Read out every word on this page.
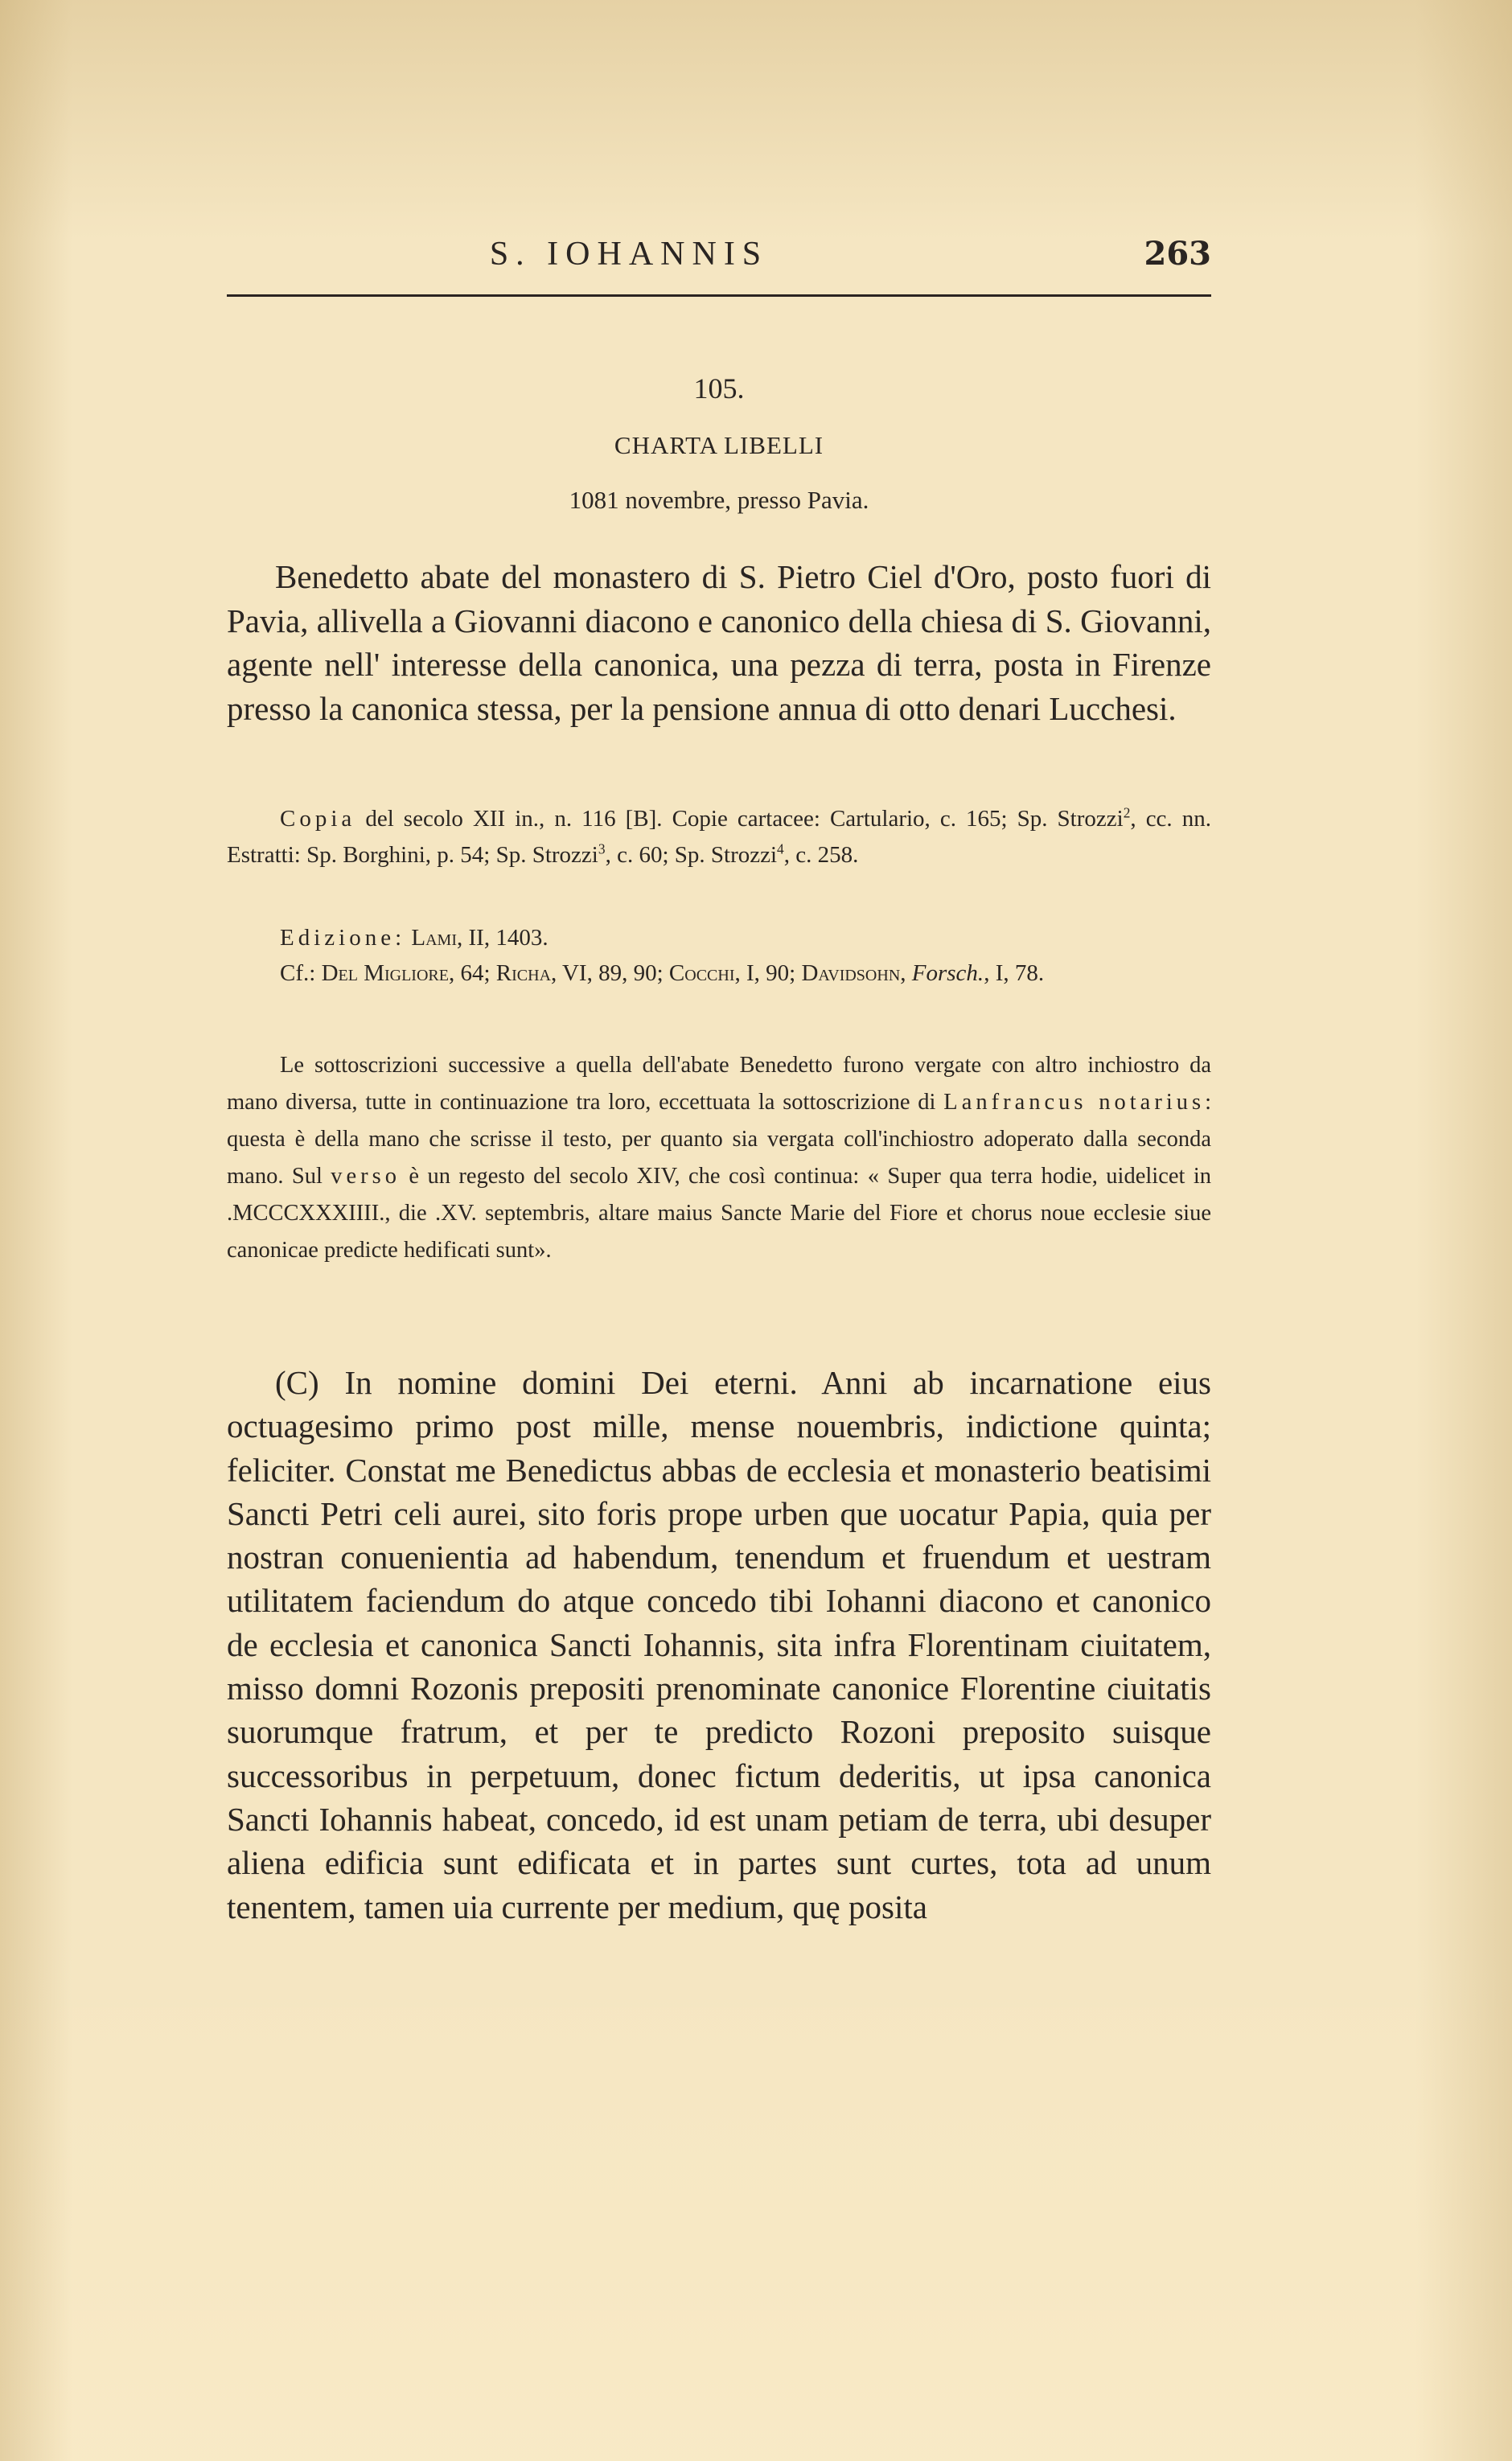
S. IOHANNIS	263
105.
CHARTA LIBELLI
1081 novembre, presso Pavia.

Benedetto abate del monastero di S. Pietro Ciel d'Oro, posto fuori di Pavia, allivella a Giovanni diacono e canonico della chiesa di S. Giovanni, agente nell' interesse della canonica, una pezza di terra, posta in Firenze presso la canonica stessa, per la pensione annua di otto denari Lucchesi.

Copia del secolo XII in., n. 116 [B]. Copie cartacee: Cartulario, c. 165; Sp. Strozzi$^2$, cc. nn. Estratti: Sp. Borghini, p. 54; Sp. Strozzi$^3$, c. 60; Sp. Strozzi$^4$, c. 258.

Edizione: Lami, II, 1403.

Cf.: Del Migliore, 64; Richa, VI, 89, 90; Cocchi, I, 90; Davidsohn, Forsch., I, 78.

Le sottoscrizioni successive a quella dell'abate Benedetto furono vergate con altro inchiostro da mano diversa, tutte in continuazione tra loro, eccettuata la sottoscrizione di Lanfrancus notarius: questa è della mano che scrisse il testo, per quanto sia vergata coll'inchiostro adoperato dalla seconda mano. Sul verso è un regesto del secolo XIV, che così continua: « Super qua terra hodie, uidelicet in .MCCCXXXIIII., die .XV. septembris, altare maius Sancte Marie del Fiore et chorus noue ecclesie siue canonicae predicte hedificati sunt».

(C) In nomine domini Dei eterni. Anni ab incarnatione eius octuagesimo primo post mille, mense nouembris, indictione quinta; feliciter. Constat me Benedictus abbas de ecclesia et monasterio beatisimi Sancti Petri celi aurei, sito foris prope urben que uocatur Papia, quia per nostran conuenientia ad habendum, tenendum et fruendum et uestram utilitatem faciendum do atque concedo tibi Iohanni diacono et canonico de ecclesia et canonica Sancti Iohannis, sita infra Florentinam ciuitatem, misso domni Rozonis prepositi prenominate canonice Florentine ciuitatis suorumque fratrum, et per te predicto Rozoni preposito suisque successoribus in perpetuum, donec fictum dederitis, ut ipsa canonica Sancti Iohannis habeat, concedo, id est unam petiam de terra, ubi desuper aliena edificia sunt edificata et in partes sunt curtes, tota ad unum tenentem, tamen uia currente per medium, quę posita
